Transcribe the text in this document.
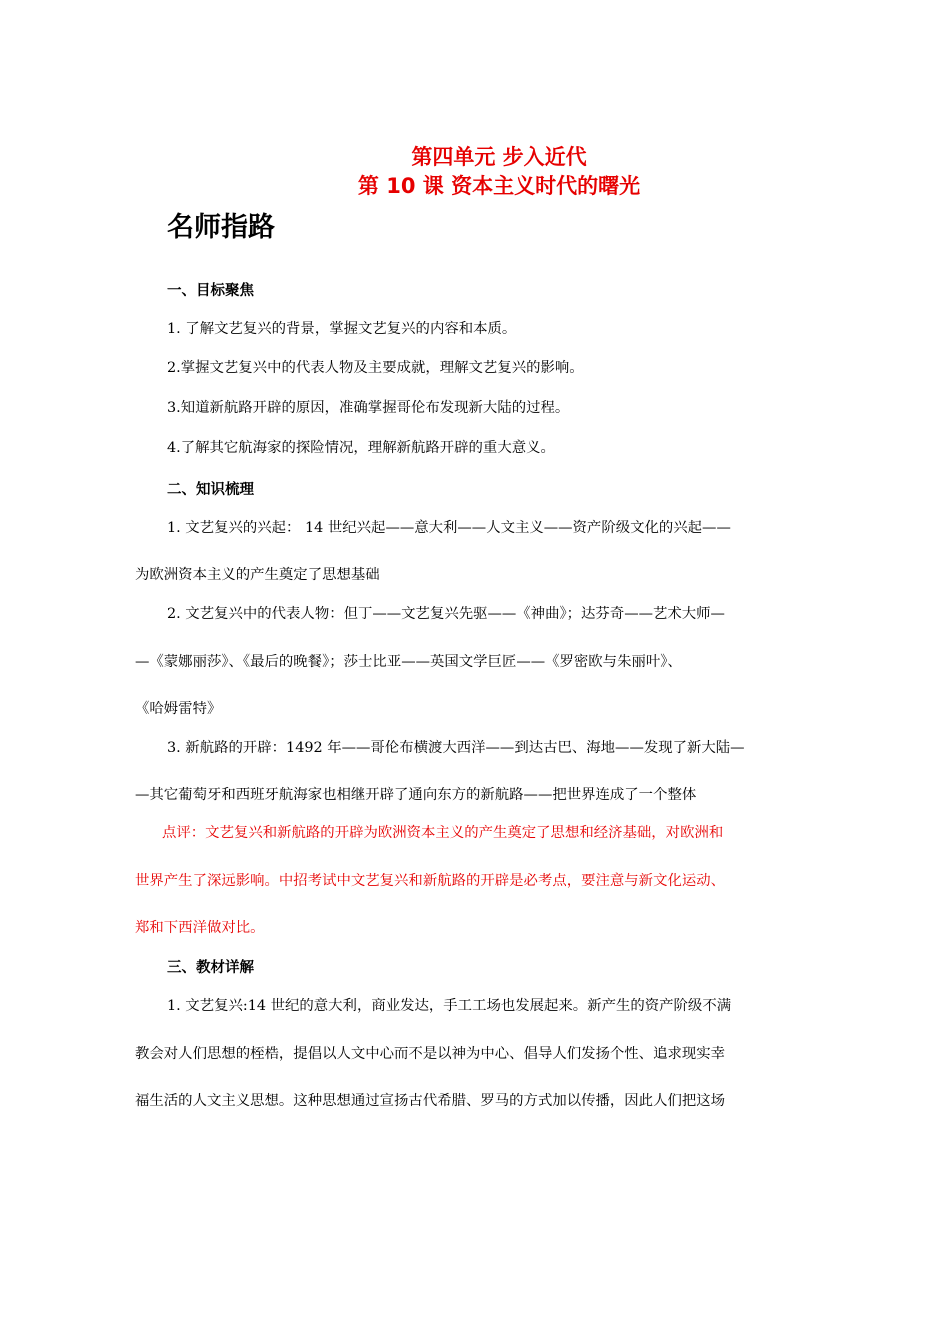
第四单元 步入近代
第 10 课 资本主义时代的曙光
名师指路
一、目标聚焦
1. 了解文艺复兴的背景，掌握文艺复兴的内容和本质。
2.掌握文艺复兴中的代表人物及主要成就，理解文艺复兴的影响。
3.知道新航路开辟的原因，准确掌握哥伦布发现新大陆的过程。
4.了解其它航海家的探险情况，理解新航路开辟的重大意义。
二、知识梳理
1. 文艺复兴的兴起： 14 世纪兴起——意大利——人文主义——资产阶级文化的兴起——
为欧洲资本主义的产生奠定了思想基础
2. 文艺复兴中的代表人物：但丁——文艺复兴先驱——《神曲》；达芬奇——艺术大师—
—《蒙娜丽莎》、《最后的晚餐》；莎士比亚——英国文学巨匠——《罗密欧与朱丽叶》、
《哈姆雷特》
3. 新航路的开辟：1492 年——哥伦布横渡大西洋——到达古巴、海地——发现了新大陆—
—其它葡萄牙和西班牙航海家也相继开辟了通向东方的新航路——把世界连成了一个整体
点评：文艺复兴和新航路的开辟为欧洲资本主义的产生奠定了思想和经济基础，对欧洲和
世界产生了深远影响。中招考试中文艺复兴和新航路的开辟是必考点，要注意与新文化运动、
郑和下西洋做对比。
三、教材详解
1. 文艺复兴:14 世纪的意大利，商业发达，手工工场也发展起来。新产生的资产阶级不满
教会对人们思想的桎梏，提倡以人文中心而不是以神为中心、倡导人们发扬个性、追求现实幸
福生活的人文主义思想。这种思想通过宣扬古代希腊、罗马的方式加以传播，因此人们把这场
